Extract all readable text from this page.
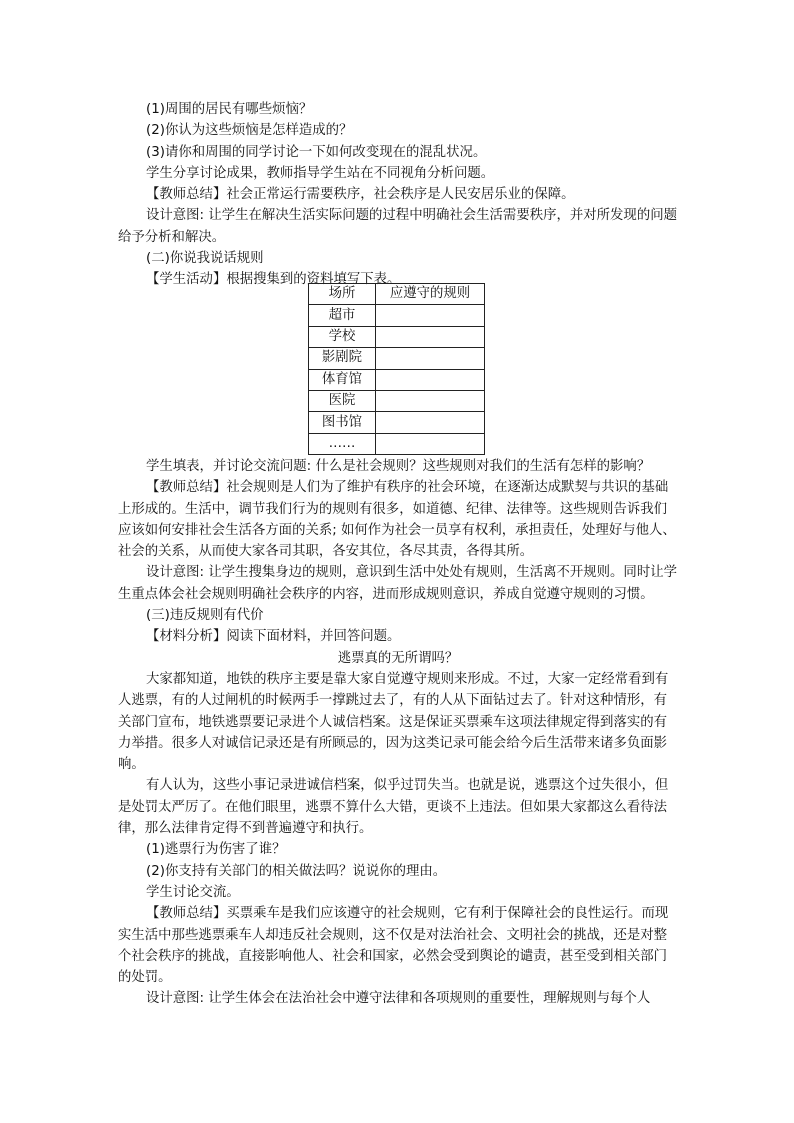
(1)周围的居民有哪些烦恼？

(2)你认为这些烦恼是怎样造成的？

(3)请你和周围的同学讨论一下如何改变现在的混乱状况。

学生分享讨论成果，教师指导学生站在不同视角分析问题。

【教师总结】社会正常运行需要秩序，社会秩序是人民安居乐业的保障。

设计意图: 让学生在解决生活实际问题的过程中明确社会生活需要秩序，并对所发现的问题给予分析和解决。

(二)你说我说话规则

【学生活动】根据搜集到的资料填写下表。

场所	应遵守的规则
超市	
学校	
影剧院	
体育馆	
医院	
图书馆	
……	

学生填表，并讨论交流问题: 什么是社会规则？这些规则对我们的生活有怎样的影响？

【教师总结】社会规则是人们为了维护有秩序的社会环境，在逐渐达成默契与共识的基础上形成的。生活中，调节我们行为的规则有很多，如道德、纪律、法律等。这些规则告诉我们应该如何安排社会生活各方面的关系; 如何作为社会一员享有权利，承担责任，处理好与他人、社会的关系，从而使大家各司其职，各安其位，各尽其责，各得其所。

设计意图: 让学生搜集身边的规则，意识到生活中处处有规则，生活离不开规则。同时让学生重点体会社会规则明确社会秩序的内容，进而形成规则意识，养成自觉遵守规则的习惯。

(三)违反规则有代价

【材料分析】阅读下面材料，并回答问题。

逃票真的无所谓吗？

大家都知道，地铁的秩序主要是靠大家自觉遵守规则来形成。不过，大家一定经常看到有人逃票，有的人过闸机的时候两手一撑跳过去了，有的人从下面钻过去了。针对这种情形，有关部门宣布，地铁逃票要记录进个人诚信档案。这是保证买票乘车这项法律规定得到落实的有力举措。很多人对诚信记录还是有所顾忌的，因为这类记录可能会给今后生活带来诸多负面影响。

有人认为，这些小事记录进诚信档案，似乎过罚失当。也就是说，逃票这个过失很小，但是处罚太严厉了。在他们眼里，逃票不算什么大错，更谈不上违法。但如果大家都这么看待法律，那么法律肯定得不到普遍遵守和执行。

(1)逃票行为伤害了谁？

(2)你支持有关部门的相关做法吗？说说你的理由。

学生讨论交流。

【教师总结】买票乘车是我们应该遵守的社会规则，它有利于保障社会的良性运行。而现实生活中那些逃票乘车人却违反社会规则，这不仅是对法治社会、文明社会的挑战，还是对整个社会秩序的挑战，直接影响他人、社会和国家，必然会受到舆论的谴责，甚至受到相关部门的处罚。

设计意图: 让学生体会在法治社会中遵守法律和各项规则的重要性，理解规则与每个人
